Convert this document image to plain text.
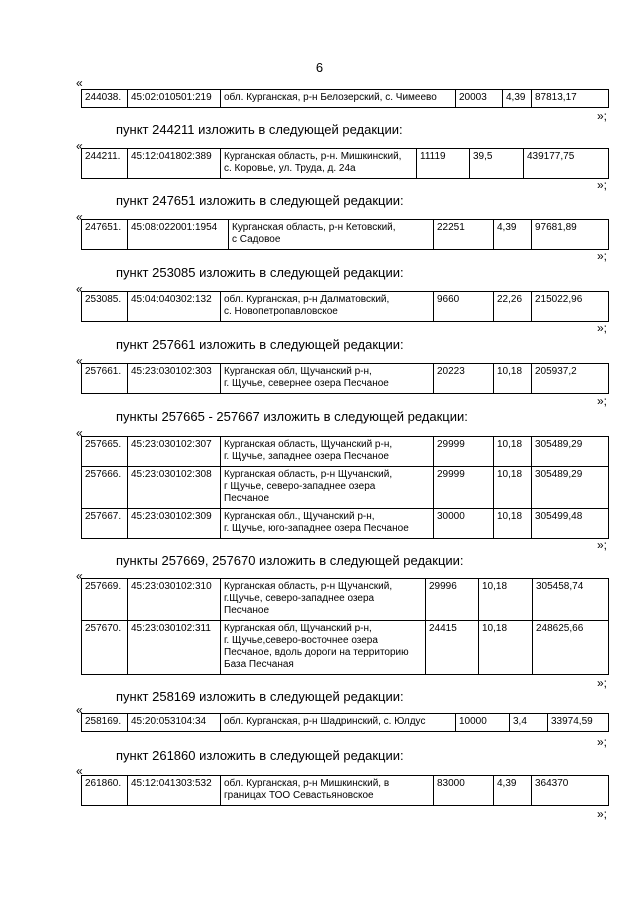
6
«
244038.	45:02:010501:219	обл. Курганская, р-н Белозерский, с. Чимеево	20003	4,39	87813,17
»;
пункт 244211 изложить в следующей редакции:
«
244211.	45:12:041802:389	Курганская область, р-н. Мишкинский,
с. Коровье, ул. Труда, д. 24а	11119	39,5	439177,75
»;
пункт 247651 изложить в следующей редакции:
«
247651.	45:08:022001:1954	Курганская область, р-н Кетовский,
с Садовое	22251	4,39	97681,89
»;
пункт 253085 изложить в следующей редакции:
«
253085.	45:04:040302:132	обл. Курганская, р-н Далматовский,
с. Новопетропавловское	9660	22,26	215022,96
»;
пункт 257661 изложить в следующей редакции:
«
257661.	45:23:030102:303	Курганская обл, Щучанский р-н,
г. Щучье, севернее озера Песчаное	20223	10,18	205937,2
»;
пункты 257665 - 257667 изложить в следующей редакции:
«
257665.	45:23:030102:307	Курганская область, Щучанский р-н,
г. Щучье, западнее озера Песчаное	29999	10,18	305489,29
257666.	45:23:030102:308	Курганская область, р-н Щучанский,
г Щучье, северо-западнее озера
Песчаное	29999	10,18	305489,29
257667.	45:23:030102:309	Курганская обл., Щучанский р-н,
г. Щучье, юго-западнее озера Песчаное	30000	10,18	305499,48
»;
пункты 257669, 257670 изложить в следующей редакции:
«
257669.	45:23:030102:310	Курганская область, р-н Щучанский,
г.Щучье, северо-западнее озера
Песчаное	29996	10,18	305458,74
257670.	45:23:030102:311	Курганская обл, Щучанский р-н,
г. Щучье,северо-восточнее озера
Песчаное, вдоль дороги на территорию
База Песчаная	24415	10,18	248625,66
»;
пункт 258169 изложить в следующей редакции:
«
258169.	45:20:053104:34	обл. Курганская, р-н Шадринский, с. Юлдус	10000	3,4	33974,59
»;
пункт 261860 изложить в следующей редакции:
«
261860.	45:12:041303:532	обл. Курганская, р-н Мишкинский, в
границах ТОО Севастьяновское	83000	4,39	364370
»;
